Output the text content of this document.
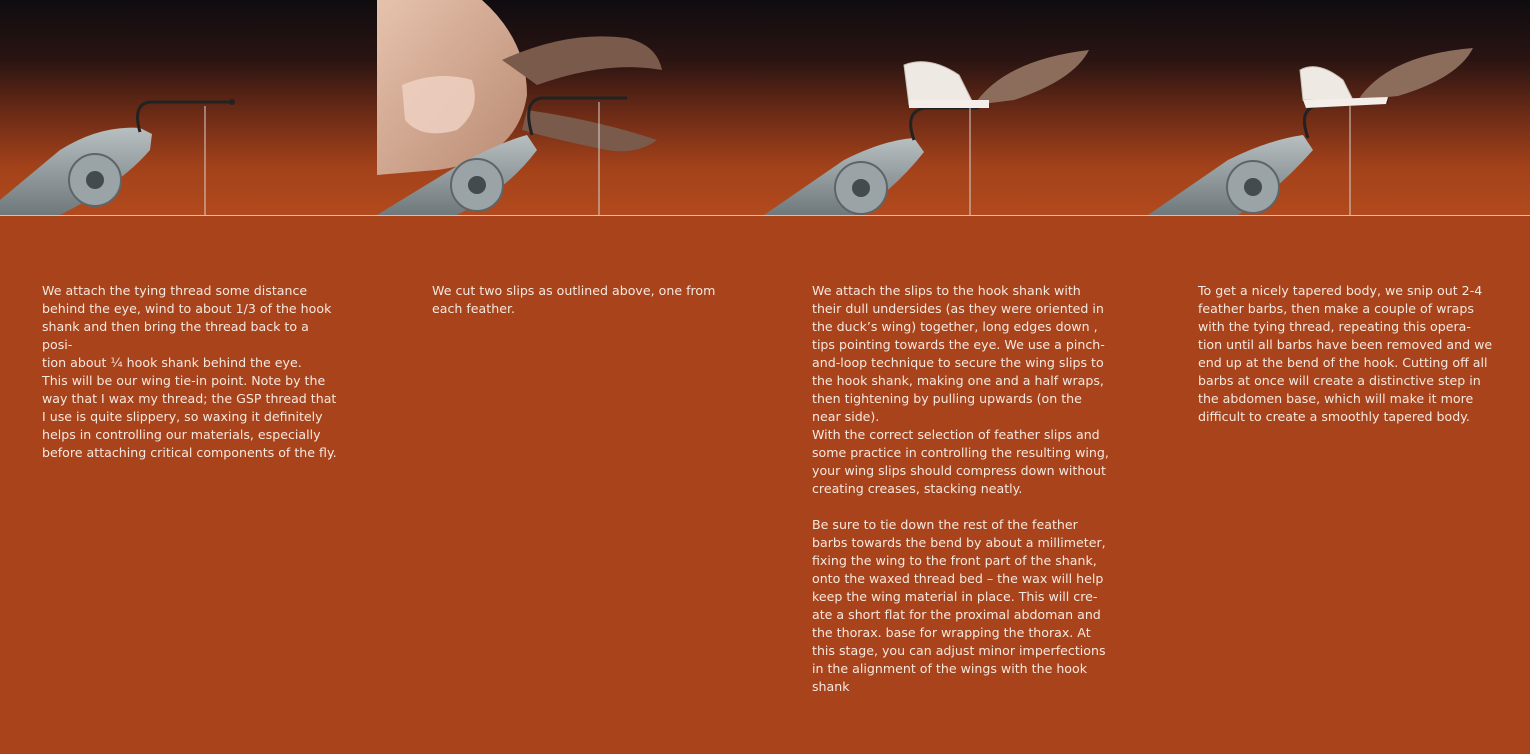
We attach the tying thread some distance
behind the eye, wind to about 1/3 of the hook
shank and then bring the thread back to a posi-
tion about ¼ hook shank behind the eye.
This will be our wing tie-in point. Note by the
way that I wax my thread; the GSP thread that
I use is quite slippery, so waxing it definitely
helps in controlling our materials, especially
before attaching critical components of the fly.

We cut two slips as outlined above, one from
each feather.

We attach the slips to the hook shank with
their dull undersides (as they were oriented in
the duck’s wing) together, long edges down ,
tips pointing towards the eye. We use a pinch-
and-loop technique to secure the wing slips to
the hook shank, making one and a half wraps,
then tightening by pulling upwards (on the
near side).

With the correct selection of feather slips and
some practice in controlling the resulting wing,
your wing slips should compress down without
creating creases, stacking neatly.

Be sure to tie down the rest of the feather
barbs towards the bend by about a millimeter,
fixing the wing to the front part of the shank,
onto the waxed thread bed – the wax will help
keep the wing material in place. This will cre-
ate a short flat for the proximal abdoman and
the thorax. base for wrapping the thorax. At
this stage, you can adjust minor imperfections
in the alignment of the wings with the hook
shank

To get a nicely tapered body, we snip out 2-4
feather barbs, then make a couple of wraps
with the tying thread, repeating this opera-
tion until all barbs have been removed and we
end up at the bend of the hook. Cutting off all
barbs at once will create a distinctive step in
the abdomen base, which will make it more
difficult to create a smoothly tapered body.
